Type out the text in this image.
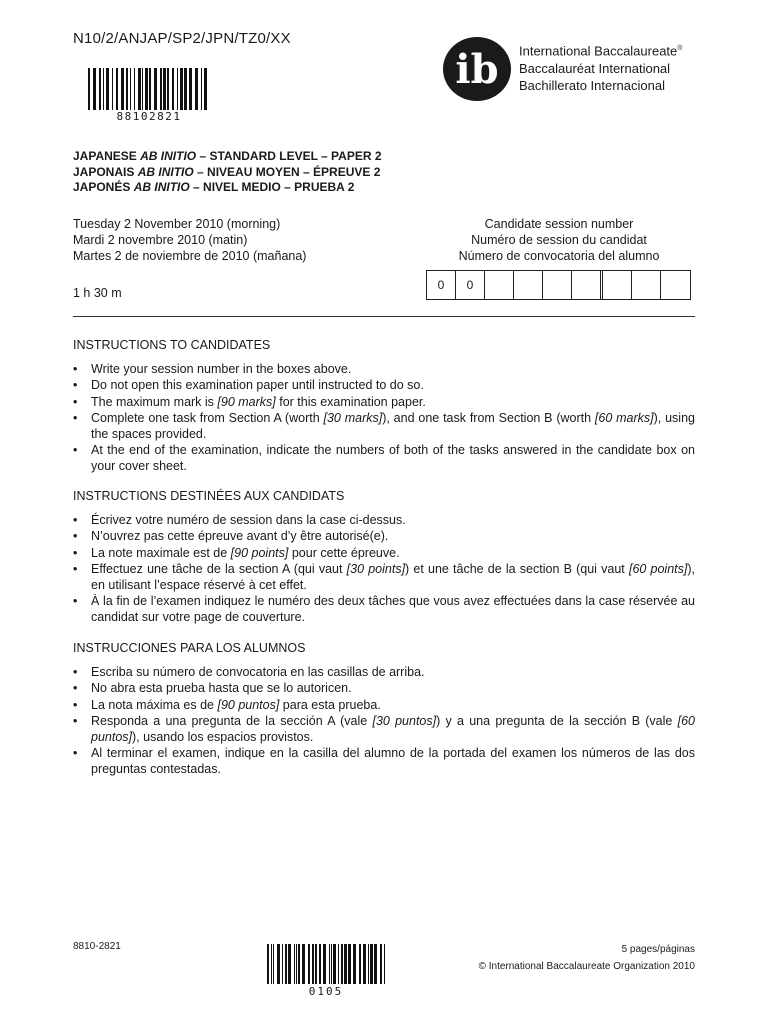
N10/2/ANJAP/SP2/JPN/TZ0/XX
88102821
ib International Baccalaureate®
Baccalauréat International
Bachillerato Internacional
JAPANESE AB INITIO – STANDARD LEVEL – PAPER 2
JAPONAIS AB INITIO – NIVEAU MOYEN – ÉPREUVE 2
JAPONÉS AB INITIO – NIVEL MEDIO – PRUEBA 2
Tuesday 2 November 2010 (morning)
Mardi 2 novembre 2010 (matin)
Martes 2 de noviembre de 2010 (mañana)
1 h 30 m
Candidate session number
Numéro de session du candidat
Número de convocatoria del alumno
0	0
INSTRUCTIONS TO CANDIDATES
• Write your session number in the boxes above.
• Do not open this examination paper until instructed to do so.
• The maximum mark is [90 marks] for this examination paper.
• Complete one task from Section A (worth [30 marks]), and one task from Section B (worth [60 marks]), using the spaces provided.
• At the end of the examination, indicate the numbers of both of the tasks answered in the candidate box on your cover sheet.
INSTRUCTIONS DESTINÉES AUX CANDIDATS
• Écrivez votre numéro de session dans la case ci-dessus.
• N’ouvrez pas cette épreuve avant d’y être autorisé(e).
• La note maximale est de [90 points] pour cette épreuve.
• Effectuez une tâche de la section A (qui vaut [30 points]) et une tâche de la section B (qui vaut [60 points]), en utilisant l’espace réservé à cet effet.
• À la fin de l’examen indiquez le numéro des deux tâches que vous avez effectuées dans la case réservée au candidat sur votre page de couverture.
INSTRUCCIONES PARA LOS ALUMNOS
• Escriba su número de convocatoria en las casillas de arriba.
• No abra esta prueba hasta que se lo autoricen.
• La nota máxima es de [90 puntos] para esta prueba.
• Responda a una pregunta de la sección A (vale [30 puntos]) y a una pregunta de la sección B (vale [60 puntos]), usando los espacios provistos.
• Al terminar el examen, indique en la casilla del alumno de la portada del examen los números de las dos preguntas contestadas.
8810-2821
0105
5 pages/páginas
© International Baccalaureate Organization 2010
